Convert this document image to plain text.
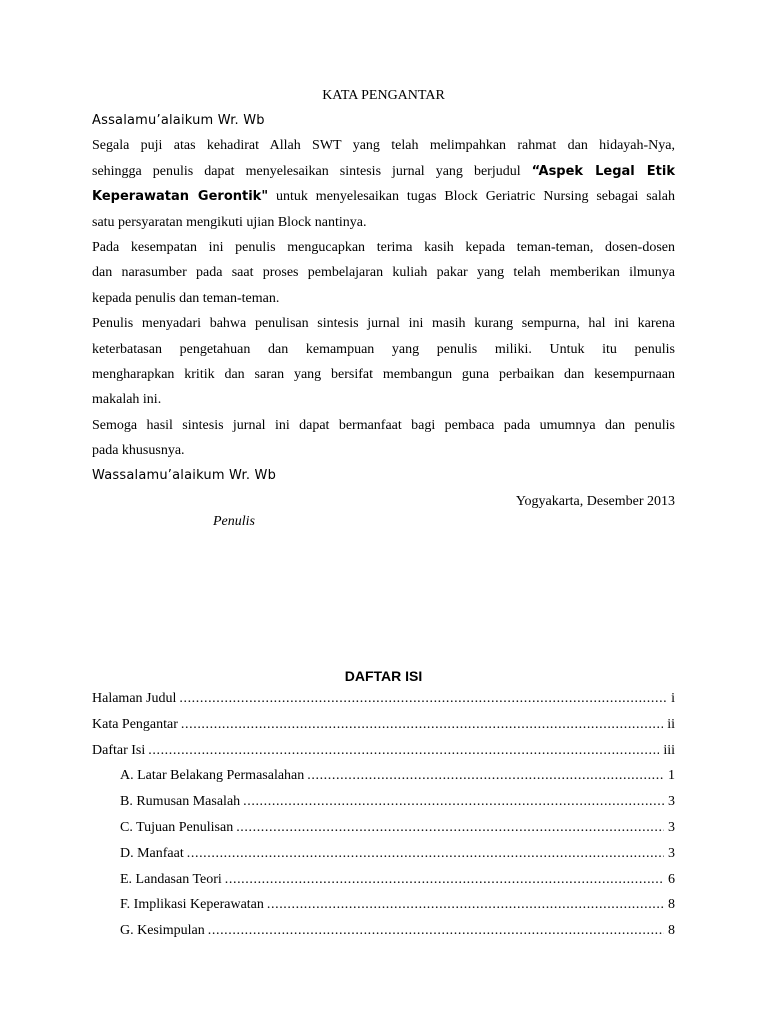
KATA PENGANTAR
Assalamu’alaikum Wr. Wb
Segala puji atas kehadirat Allah SWT yang telah melimpahkan rahmat dan hidayah-Nya,
sehingga penulis dapat menyelesaikan sintesis jurnal yang berjudul “Aspek Legal Etik
Keperawatan Gerontik" untuk menyelesaikan tugas Block Geriatric Nursing sebagai salah
satu persyaratan mengikuti ujian Block nantinya.
Pada kesempatan ini penulis mengucapkan terima kasih kepada teman-teman, dosen-dosen
dan narasumber pada saat proses pembelajaran kuliah pakar yang telah memberikan ilmunya
kepada penulis dan teman-teman.
Penulis menyadari bahwa penulisan sintesis jurnal ini masih kurang sempurna, hal ini karena
keterbatasan pengetahuan dan kemampuan yang penulis miliki. Untuk itu penulis
mengharapkan kritik dan saran yang bersifat membangun guna perbaikan dan kesempurnaan
makalah ini.
Semoga hasil sintesis jurnal ini dapat bermanfaat bagi pembaca pada umumnya dan penulis
pada khususnya.
Wassalamu’alaikum Wr. Wb
Yogyakarta, Desember 2013
Penulis
DAFTAR ISI
Halaman Judul .....	i
Kata Pengantar .....	ii
Daftar Isi .....	iii
A. Latar Belakang Permasalahan .....	1
B. Rumusan Masalah .....	3
C. Tujuan Penulisan .....	3
D. Manfaat .....	3
E. Landasan Teori .....	6
F. Implikasi Keperawatan .....	8
G. Kesimpulan .....	8
